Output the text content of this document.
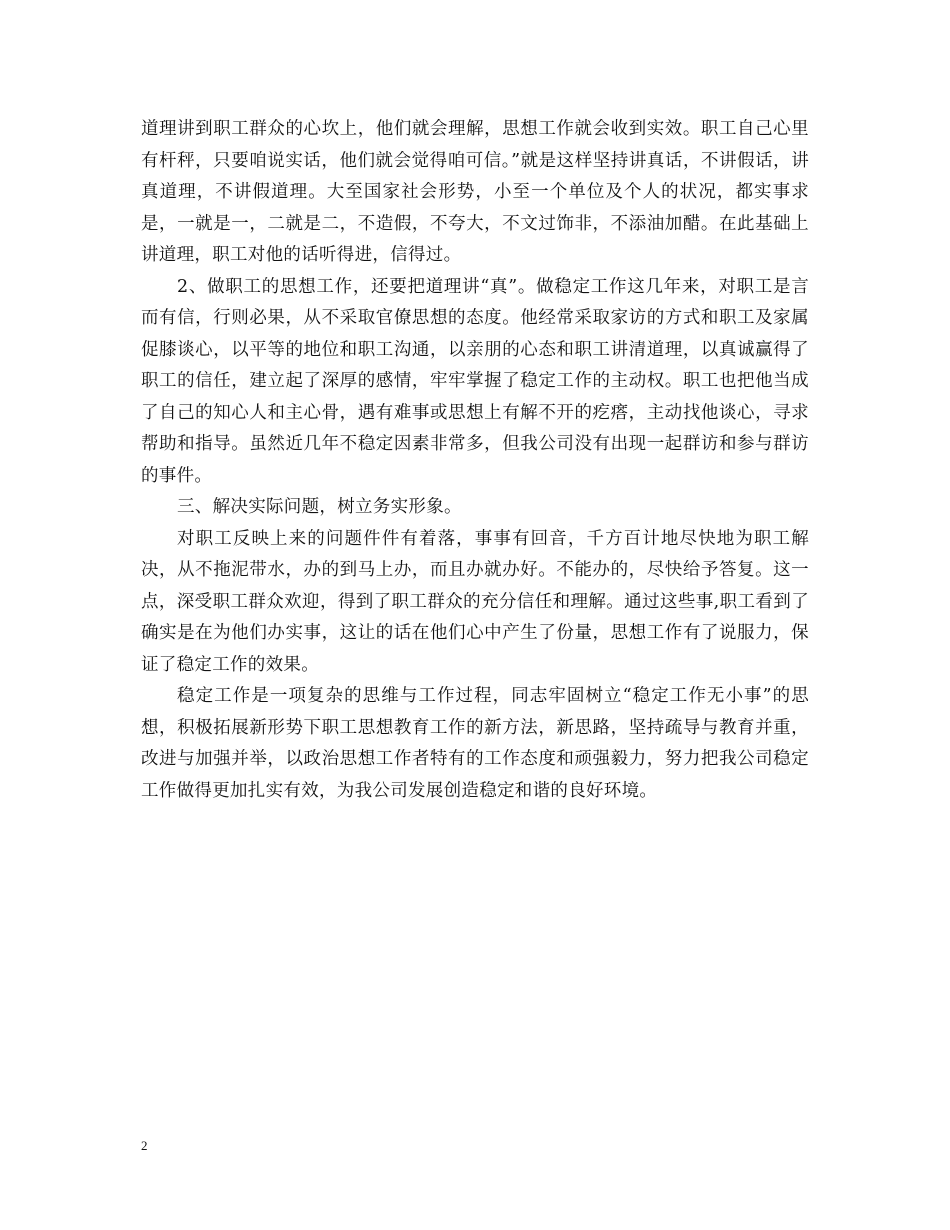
道理讲到职工群众的心坎上，他们就会理解，思想工作就会收到实效。职工自己心里有杆秤，只要咱说实话，他们就会觉得咱可信。”就是这样坚持讲真话，不讲假话，讲真道理，不讲假道理。大至国家社会形势，小至一个单位及个人的状况，都实事求是，一就是一，二就是二，不造假，不夸大，不文过饰非，不添油加醋。在此基础上讲道理，职工对他的话听得进，信得过。

2、做职工的思想工作，还要把道理讲“真”。做稳定工作这几年来，对职工是言而有信，行则必果，从不采取官僚思想的态度。他经常采取家访的方式和职工及家属促膝谈心，以平等的地位和职工沟通，以亲朋的心态和职工讲清道理，以真诚赢得了职工的信任，建立起了深厚的感情，牢牢掌握了稳定工作的主动权。职工也把他当成了自己的知心人和主心骨，遇有难事或思想上有解不开的疙瘩，主动找他谈心，寻求帮助和指导。虽然近几年不稳定因素非常多，但我公司没有出现一起群访和参与群访的事件。

三、解决实际问题，树立务实形象。

对职工反映上来的问题件件有着落，事事有回音，千方百计地尽快地为职工解决，从不拖泥带水，办的到马上办，而且办就办好。不能办的，尽快给予答复。这一点，深受职工群众欢迎，得到了职工群众的充分信任和理解。通过这些事,职工看到了确实是在为他们办实事，这让的话在他们心中产生了份量，思想工作有了说服力，保证了稳定工作的效果。

稳定工作是一项复杂的思维与工作过程，同志牢固树立“稳定工作无小事”的思想，积极拓展新形势下职工思想教育工作的新方法，新思路，坚持疏导与教育并重，改进与加强并举，以政治思想工作者特有的工作态度和顽强毅力，努力把我公司稳定工作做得更加扎实有效，为我公司发展创造稳定和谐的良好环境。

2
